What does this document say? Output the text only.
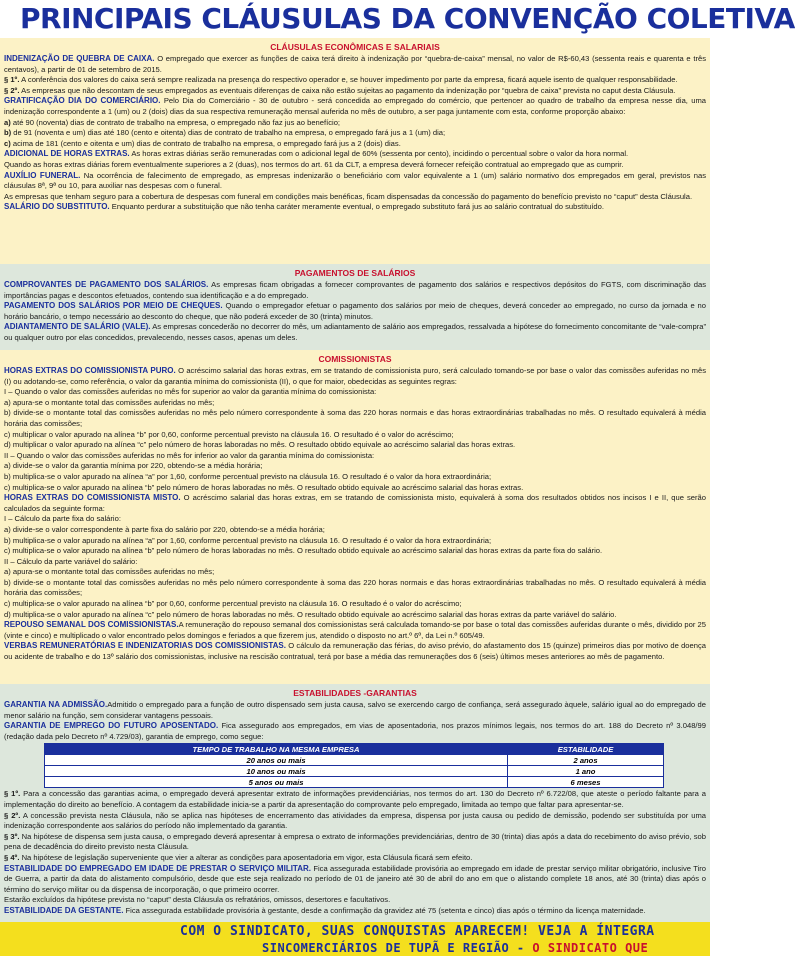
PRINCIPAIS CLÁUSULAS DA CONVENÇÃO COLETIVA
CLÁUSULAS ECONÔMICAS E SALARIAIS

INDENIZAÇÃO DE QUEBRA DE CAIXA. O empregado que exercer as funções de caixa terá direito à indenização por “quebra-de-caixa” mensal, no valor de R$-60,43 (sessenta reais e quarenta e três centavos), a partir de 01 de setembro de 2015.

§ 1º. A conferência dos valores do caixa será sempre realizada na presença do respectivo operador e, se houver impedimento por parte da empresa, ficará aquele isento de qualquer responsabilidade.

§ 2º. As empresas que não descontam de seus empregados as eventuais diferenças de caixa não estão sujeitas ao pagamento da indenização por “quebra de caixa” prevista no caput desta Cláusula.

GRATIFICAÇÃO DIA DO COMERCIÁRIO. Pelo Dia do Comerciário - 30 de outubro - será concedida ao empregado do comércio, que pertencer ao quadro de trabalho da empresa nesse dia, uma indenização correspondente a 1 (um) ou 2 (dois) dias da sua respectiva remuneração mensal auferida no mês de outubro, a ser paga juntamente com esta, conforme proporção abaixo:

a) até 90 (noventa) dias de contrato de trabalho na empresa, o empregado não faz jus ao benefício;

b) de 91 (noventa e um) dias até 180 (cento e oitenta) dias de contrato de trabalho na empresa, o empregado fará jus a 1 (um) dia;

c) acima de 181 (cento e oitenta e um) dias de contrato de trabalho na empresa, o empregado fará jus a 2 (dois) dias.

ADICIONAL DE HORAS EXTRAS. As horas extras diárias serão remuneradas com o adicional legal de 60% (sessenta por cento), incidindo o percentual sobre o valor da hora normal.

Quando as horas extras diárias forem eventualmente superiores a 2 (duas), nos termos do art. 61 da CLT, a empresa deverá fornecer refeição contratual ao empregado que as cumprir.

AUXÍLIO FUNERAL. Na ocorrência de falecimento de empregado, as empresas indenizarão o beneficiário com valor equivalente a 1 (um) salário normativo dos empregados em geral, previstos nas cláusulas 8ª, 9ª ou 10, para auxiliar nas despesas com o funeral.

As empresas que tenham seguro para a cobertura de despesas com funeral em condições mais benéficas, ficam dispensadas da concessão do pagamento do benefício previsto no “caput” desta Cláusula.

SALÁRIO DO SUBSTITUTO. Enquanto perdurar a substituição que não tenha caráter meramente eventual, o empregado substituto fará jus ao salário contratual do substituído.

PAGAMENTOS DE SALÁRIOS

COMPROVANTES DE PAGAMENTO DOS SALÁRIOS. As empresas ficam obrigadas a fornecer comprovantes de pagamento dos salários e respectivos depósitos do FGTS, com discriminação das importâncias pagas e descontos efetuados, contendo sua identificação e a do empregado.

PAGAMENTO DOS SALÁRIOS POR MEIO DE CHEQUES. Quando o empregador efetuar o pagamento dos salários por meio de cheques, deverá conceder ao empregado, no curso da jornada e no horário bancário, o tempo necessário ao desconto do cheque, que não poderá exceder de 30 (trinta) minutos.

ADIANTAMENTO DE SALÁRIO (VALE). As empresas concederão no decorrer do mês, um adiantamento de salário aos empregados, ressalvada a hipótese do fornecimento concomitante de “vale-compra” ou qualquer outro por elas concedidos, prevalecendo, nesses casos, apenas um deles.

COMISSIONISTAS

HORAS EXTRAS DO COMISSIONISTA PURO. O acréscimo salarial das horas extras, em se tratando de comissionista puro, será calculado tomando-se por base o valor das comissões auferidas no mês (I) ou adotando-se, como referência, o valor da garantia mínima do comissionista (II), o que for maior, obedecidas as seguintes regras:

I – Quando o valor das comissões auferidas no mês for superior ao valor da garantia mínima do comissionista:

a) apura-se o montante total das comissões auferidas no mês;

b) divide-se o montante total das comissões auferidas no mês pelo número correspondente à soma das 220 horas normais e das horas extraordinárias trabalhadas no mês. O resultado equivalerá à média horária das comissões;

c) multiplicar o valor apurado na alínea “b” por 0,60, conforme percentual previsto na cláusula 16. O resultado é o valor do acréscimo;

d) multiplicar o valor apurado na alínea “c” pelo número de horas laboradas no mês. O resultado obtido equivale ao acréscimo salarial das horas extras.

II – Quando o valor das comissões auferidas no mês for inferior ao valor da garantia mínima do comissionista:

a) divide-se o valor da garantia mínima por 220, obtendo-se a média horária;

b) multiplica-se o valor apurado na alínea “a” por 1,60, conforme percentual previsto na cláusula 16. O resultado é o valor da hora extraordinária;

c) multiplica-se o valor apurado na alínea “b” pelo número de horas laboradas no mês. O resultado obtido equivale ao acréscimo salarial das horas extras.

HORAS EXTRAS DO COMISSIONISTA MISTO. O acréscimo salarial das horas extras, em se tratando de comissionista misto, equivalerá à soma dos resultados obtidos nos incisos I e II, que serão calculados da seguinte forma:

I – Cálculo da parte fixa do salário:

a) divide-se o valor correspondente à parte fixa do salário por 220, obtendo-se a média horária;

b) multiplica-se o valor apurado na alínea “a” por 1,60, conforme percentual previsto na cláusula 16. O resultado é o valor da hora extraordinária;

c) multiplica-se o valor apurado na alínea “b” pelo número de horas laboradas no mês. O resultado obtido equivale ao acréscimo salarial das horas extras da parte fixa do salário.

II – Cálculo da parte variável do salário:

a) apura-se o montante total das comissões auferidas no mês;

b) divide-se o montante total das comissões auferidas no mês pelo número correspondente à soma das 220 horas normais e das horas extraordinárias trabalhadas no mês. O resultado equivalerá à média horária das comissões;

c) multiplica-se o valor apurado na alínea “b” por 0,60, conforme percentual previsto na cláusula 16. O resultado é o valor do acréscimo;

d) multiplica-se o valor apurado na alínea “c” pelo número de horas laboradas no mês. O resultado obtido equivale ao acréscimo salarial das horas extras da parte variável do salário.

REPOUSO SEMANAL DOS COMISSIONISTAS.A remuneração do repouso semanal dos comissionistas será calculada tomando-se por base o total das comissões auferidas durante o mês, dividido por 25 (vinte e cinco) e multiplicado o valor encontrado pelos domingos e feriados a que fizerem jus, atendido o disposto no art.º 6º, da Lei n.º 605/49.

VERBAS REMUNERATÓRIAS E INDENIZATORIAS DOS COMISSIONISTAS. O cálculo da remuneração das férias, do aviso prévio, do afastamento dos 15 (quinze) primeiros dias por motivo de doença ou acidente de trabalho e do 13º salário dos comissionistas, inclusive na rescisão contratual, terá por base a média das remunerações dos 6 (seis) últimos meses anteriores ao mês de pagamento.

ESTABILIDADES -GARANTIAS

GARANTIA NA ADMISSÃO.Admitido o empregado para a função de outro dispensado sem justa causa, salvo se exercendo cargo de confiança, será assegurado àquele, salário igual ao do empregado de menor salário na função, sem considerar vantagens pessoais.

GARANTIA DE EMPREGO DO FUTURO APOSENTADO. Fica assegurado aos empregados, em vias de aposentadoria, nos prazos mínimos legais, nos termos do art. 188 do Decreto nº 3.048/99 (redação dada pelo Decreto nº 4.729/03), garantia de emprego, como segue:

TEMPO DE TRABALHO NA MESMA EMPRESA	ESTABILIDADE
20 anos ou mais	2 anos
10 anos ou mais	1 ano
5 anos ou mais	6 meses

§ 1º. Para a concessão das garantias acima, o empregado deverá apresentar extrato de informações previdenciárias, nos termos do art. 130 do Decreto nº 6.722/08, que ateste o período faltante para a implementação do direito ao benefício. A contagem da estabilidade inicia-se a partir da apresentação do comprovante pelo empregado, limitada ao tempo que faltar para apresentar-se.

§ 2º. A concessão prevista nesta Cláusula, não se aplica nas hipóteses de encerramento das atividades da empresa, dispensa por justa causa ou pedido de demissão, podendo ser substituída por uma indenização correspondente aos salários do período não implementado da garantia.

§ 3º. Na hipótese de dispensa sem justa causa, o empregado deverá apresentar à empresa o extrato de informações previdenciárias, dentro de 30 (trinta) dias após a data do recebimento do aviso prévio, sob pena de decadência do direito previsto nesta Cláusula.

§ 4º. Na hipótese de legislação superveniente que vier a alterar as condições para aposentadoria em vigor, esta Cláusula ficará sem efeito.

ESTABILIDADE DO EMPREGADO EM IDADE DE PRESTAR O SERVIÇO MILITAR. Fica assegurada estabilidade provisória ao empregado em idade de prestar serviço militar obrigatório, inclusive Tiro de Guerra, a partir da data do alistamento compulsório, desde que este seja realizado no período de 01 de janeiro até 30 de abril do ano em que o alistando complete 18 anos, até 30 (trinta) dias após o término do serviço militar ou da dispensa de incorporação, o que primeiro ocorrer.

Estarão excluídos da hipótese prevista no “caput” desta Cláusula os refratários, omissos, desertores e facultativos.

ESTABILIDADE DA GESTANTE. Fica assegurada estabilidade provisória à gestante, desde a confirmação da gravidez até 75 (setenta e cinco) dias após o término da licença maternidade.

COM O SINDICATO, SUAS CONQUISTAS APARECEM! VEJA A ÍNTEGRA
SINCOMERCIÁRIOS DE TUPÃ E REGIÃO - O SINDICATO QUE
